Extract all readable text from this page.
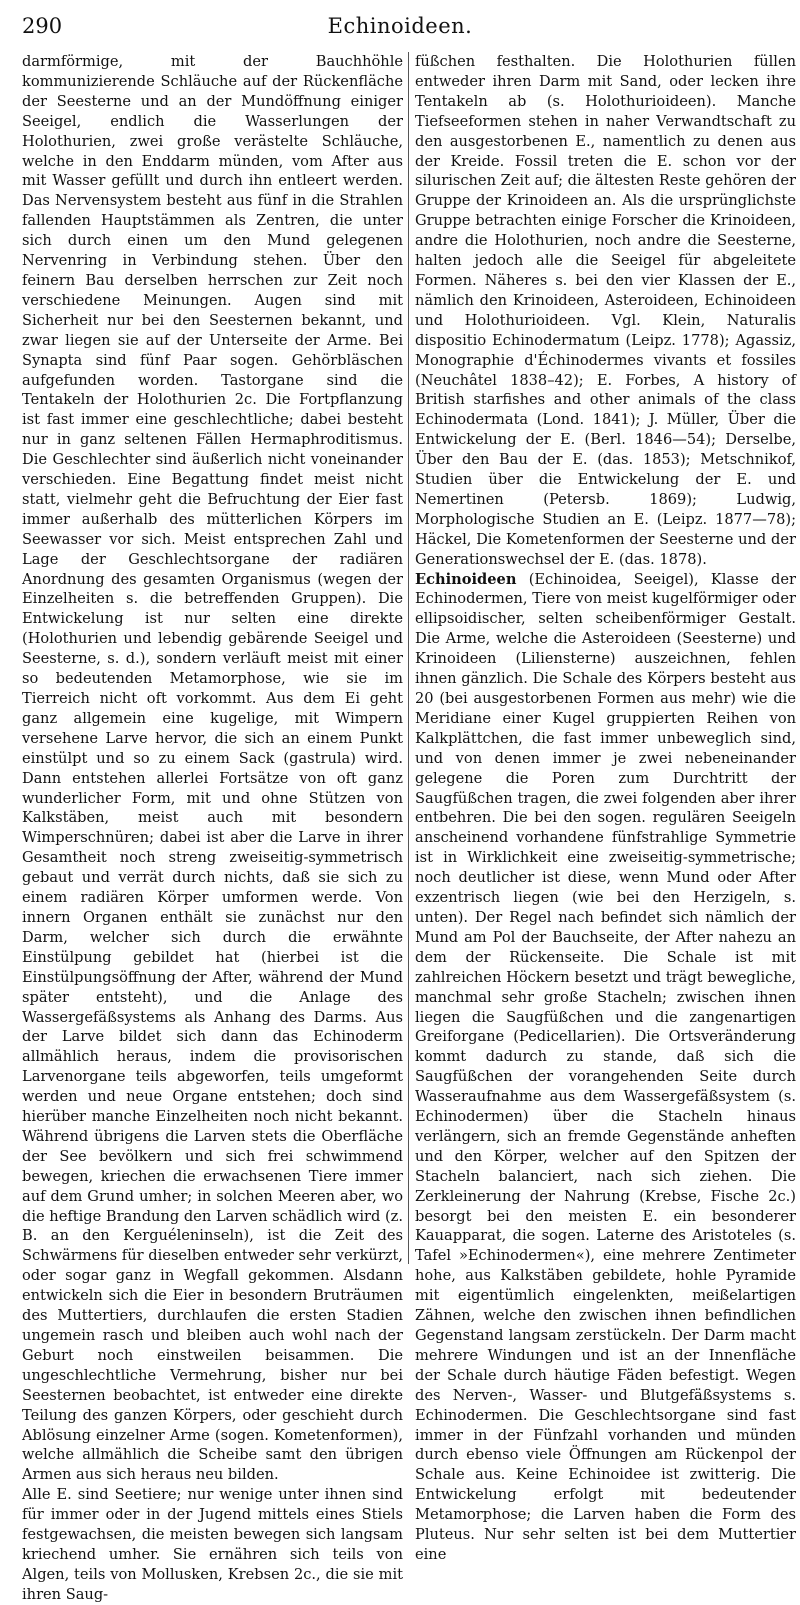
290	Echinoideen.

darmförmige, mit der Bauchhöhle kommunizierende Schläuche auf der Rückenfläche der Seesterne und an der Mundöffnung einiger Seeigel, endlich die Wasserlungen der Holothurien, zwei große verästelte Schläuche, welche in den Enddarm münden, vom After aus mit Wasser gefüllt und durch ihn entleert werden. Das Nervensystem besteht aus fünf in die Strahlen fallenden Hauptstämmen als Zentren, die unter sich durch einen um den Mund gelegenen Nervenring in Verbindung stehen. Über den feinern Bau derselben herrschen zur Zeit noch verschiedene Meinungen. Augen sind mit Sicherheit nur bei den Seesternen bekannt, und zwar liegen sie auf der Unterseite der Arme. Bei Synapta sind fünf Paar sogen. Gehörbläschen aufgefunden worden. Tastorgane sind die Tentakeln der Holothurien 2c. Die Fortpflanzung ist fast immer eine geschlechtliche; dabei besteht nur in ganz seltenen Fällen Hermaphroditismus. Die Geschlechter sind äußerlich nicht voneinander verschieden. Eine Begattung findet meist nicht statt, vielmehr geht die Befruchtung der Eier fast immer außerhalb des mütterlichen Körpers im Seewasser vor sich. Meist entsprechen Zahl und Lage der Geschlechtsorgane der radiären Anordnung des gesamten Organismus (wegen der Einzelheiten s. die betreffenden Gruppen). Die Entwickelung ist nur selten eine direkte (Holothurien und lebendig gebärende Seeigel und Seesterne, s. d.), sondern verläuft meist mit einer so bedeutenden Metamorphose, wie sie im Tierreich nicht oft vorkommt. Aus dem Ei geht ganz allgemein eine kugelige, mit Wimpern versehene Larve hervor, die sich an einem Punkt einstülpt und so zu einem Sack (gastrula) wird. Dann entstehen allerlei Fortsätze von oft ganz wunderlicher Form, mit und ohne Stützen von Kalkstäben, meist auch mit besondern Wimperschnüren; dabei ist aber die Larve in ihrer Gesamtheit noch streng zweiseitig-symmetrisch gebaut und verrät durch nichts, daß sie sich zu einem radiären Körper umformen werde. Von innern Organen enthält sie zunächst nur den Darm, welcher sich durch die erwähnte Einstülpung gebildet hat (hierbei ist die Einstülpungsöffnung der After, während der Mund später entsteht), und die Anlage des Wassergefäßsystems als Anhang des Darms. Aus der Larve bildet sich dann das Echinoderm allmählich heraus, indem die provisorischen Larvenorgane teils abgeworfen, teils umgeformt werden und neue Organe entstehen; doch sind hierüber manche Einzelheiten noch nicht bekannt. Während übrigens die Larven stets die Oberfläche der See bevölkern und sich frei schwimmend bewegen, kriechen die erwachsenen Tiere immer auf dem Grund umher; in solchen Meeren aber, wo die heftige Brandung den Larven schädlich wird (z. B. an den Kerguéleninseln), ist die Zeit des Schwärmens für dieselben entweder sehr verkürzt, oder sogar ganz in Wegfall gekommen. Alsdann entwickeln sich die Eier in besondern Bruträumen des Muttertiers, durchlaufen die ersten Stadien ungemein rasch und bleiben auch wohl nach der Geburt noch einstweilen beisammen. Die ungeschlechtliche Vermehrung, bisher nur bei Seesternen beobachtet, ist entweder eine direkte Teilung des ganzen Körpers, oder geschieht durch Ablösung einzelner Arme (sogen. Kometenformen), welche allmählich die Scheibe samt den übrigen Armen aus sich heraus neu bilden.

Alle E. sind Seetiere; nur wenige unter ihnen sind für immer oder in der Jugend mittels eines Stiels festgewachsen, die meisten bewegen sich langsam kriechend umher. Sie ernähren sich teils von Algen, teils von Mollusken, Krebsen 2c., die sie mit ihren Saug-

füßchen festhalten. Die Holothurien füllen entweder ihren Darm mit Sand, oder lecken ihre Tentakeln ab (s. Holothurioideen). Manche Tiefseeformen stehen in naher Verwandtschaft zu den ausgestorbenen E., namentlich zu denen aus der Kreide. Fossil treten die E. schon vor der silurischen Zeit auf; die ältesten Reste gehören der Gruppe der Krinoideen an. Als die ursprünglichste Gruppe betrachten einige Forscher die Krinoideen, andre die Holothurien, noch andre die Seesterne, halten jedoch alle die Seeigel für abgeleitete Formen. Näheres s. bei den vier Klassen der E., nämlich den Krinoideen, Asteroideen, Echinoideen und Holothurioideen. Vgl. Klein, Naturalis dispositio Echinodermatum (Leipz. 1778); Agassiz, Monographie d'Échinodermes vivants et fossiles (Neuchâtel 1838–42); E. Forbes, A history of British starfishes and other animals of the class Echinodermata (Lond. 1841); J. Müller, Über die Entwickelung der E. (Berl. 1846—54); Derselbe, Über den Bau der E. (das. 1853); Metschnikof, Studien über die Entwickelung der E. und Nemertinen (Petersb. 1869); Ludwig, Morphologische Studien an E. (Leipz. 1877—78); Häckel, Die Kometenformen der Seesterne und der Generationswechsel der E. (das. 1878).

Echinoideen (Echinoidea, Seeigel), Klasse der Echinodermen, Tiere von meist kugelförmiger oder ellipsoidischer, selten scheibenförmiger Gestalt. Die Arme, welche die Asteroideen (Seesterne) und Krinoideen (Liliensterne) auszeichnen, fehlen ihnen gänzlich. Die Schale des Körpers besteht aus 20 (bei ausgestorbenen Formen aus mehr) wie die Meridiane einer Kugel gruppierten Reihen von Kalkplättchen, die fast immer unbeweglich sind, und von denen immer je zwei nebeneinander gelegene die Poren zum Durchtritt der Saugfüßchen tragen, die zwei folgenden aber ihrer entbehren. Die bei den sogen. regulären Seeigeln anscheinend vorhandene fünfstrahlige Symmetrie ist in Wirklichkeit eine zweiseitig-symmetrische; noch deutlicher ist diese, wenn Mund oder After exzentrisch liegen (wie bei den Herzigeln, s. unten). Der Regel nach befindet sich nämlich der Mund am Pol der Bauchseite, der After nahezu an dem der Rückenseite. Die Schale ist mit zahlreichen Höckern besetzt und trägt bewegliche, manchmal sehr große Stacheln; zwischen ihnen liegen die Saugfüßchen und die zangenartigen Greiforgane (Pedicellarien). Die Ortsveränderung kommt dadurch zu stande, daß sich die Saugfüßchen der vorangehenden Seite durch Wasseraufnahme aus dem Wassergefäßsystem (s. Echinodermen) über die Stacheln hinaus verlängern, sich an fremde Gegenstände anheften und den Körper, welcher auf den Spitzen der Stacheln balanciert, nach sich ziehen. Die Zerkleinerung der Nahrung (Krebse, Fische 2c.) besorgt bei den meisten E. ein besonderer Kauapparat, die sogen. Laterne des Aristoteles (s. Tafel »Echinodermen«), eine mehrere Zentimeter hohe, aus Kalkstäben gebildete, hohle Pyramide mit eigentümlich eingelenkten, meißelartigen Zähnen, welche den zwischen ihnen befindlichen Gegenstand langsam zerstückeln. Der Darm macht mehrere Windungen und ist an der Innenfläche der Schale durch häutige Fäden befestigt. Wegen des Nerven-, Wasser- und Blutgefäßsystems s. Echinodermen. Die Geschlechtsorgane sind fast immer in der Fünfzahl vorhanden und münden durch ebenso viele Öffnungen am Rückenpol der Schale aus. Keine Echinoidee ist zwitterig. Die Entwickelung erfolgt mit bedeutender Metamorphose; die Larven haben die Form des Pluteus. Nur sehr selten ist bei dem Muttertier eine
